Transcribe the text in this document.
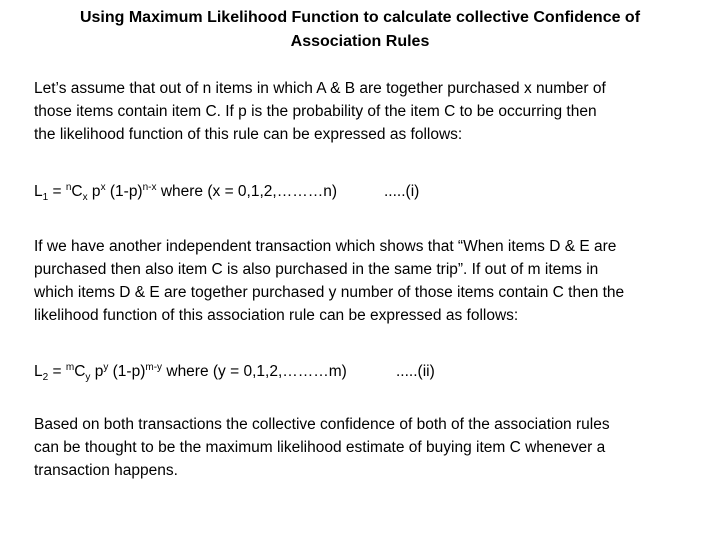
Using Maximum Likelihood Function to calculate collective Confidence of
Association Rules
Let’s assume that out of n items in which A & B are together purchased x number of
those items contain item C. If p is the probability of the item C to be occurring then
the likelihood function of this rule can be expressed as follows:
$L_1 = ^nC_x$ $p^x$ $(1-p)^{n-x}$ where (x = 0,1,2,………n)	.....(i)
If we have another independent transaction which shows that “When items D & E are
purchased then also item C is also purchased in the same trip”. If out of m items in
which items D & E are together purchased y number of those items contain C then the
likelihood function of this association rule can be expressed as follows:
$L_2 = ^mC_y$ $p^y$ $(1-p)^{m-y}$ where (y = 0,1,2,………m)	.....(ii)
Based on both transactions the collective confidence of both of the association rules
can be thought to be the maximum likelihood estimate of buying item C whenever a
transaction happens.
